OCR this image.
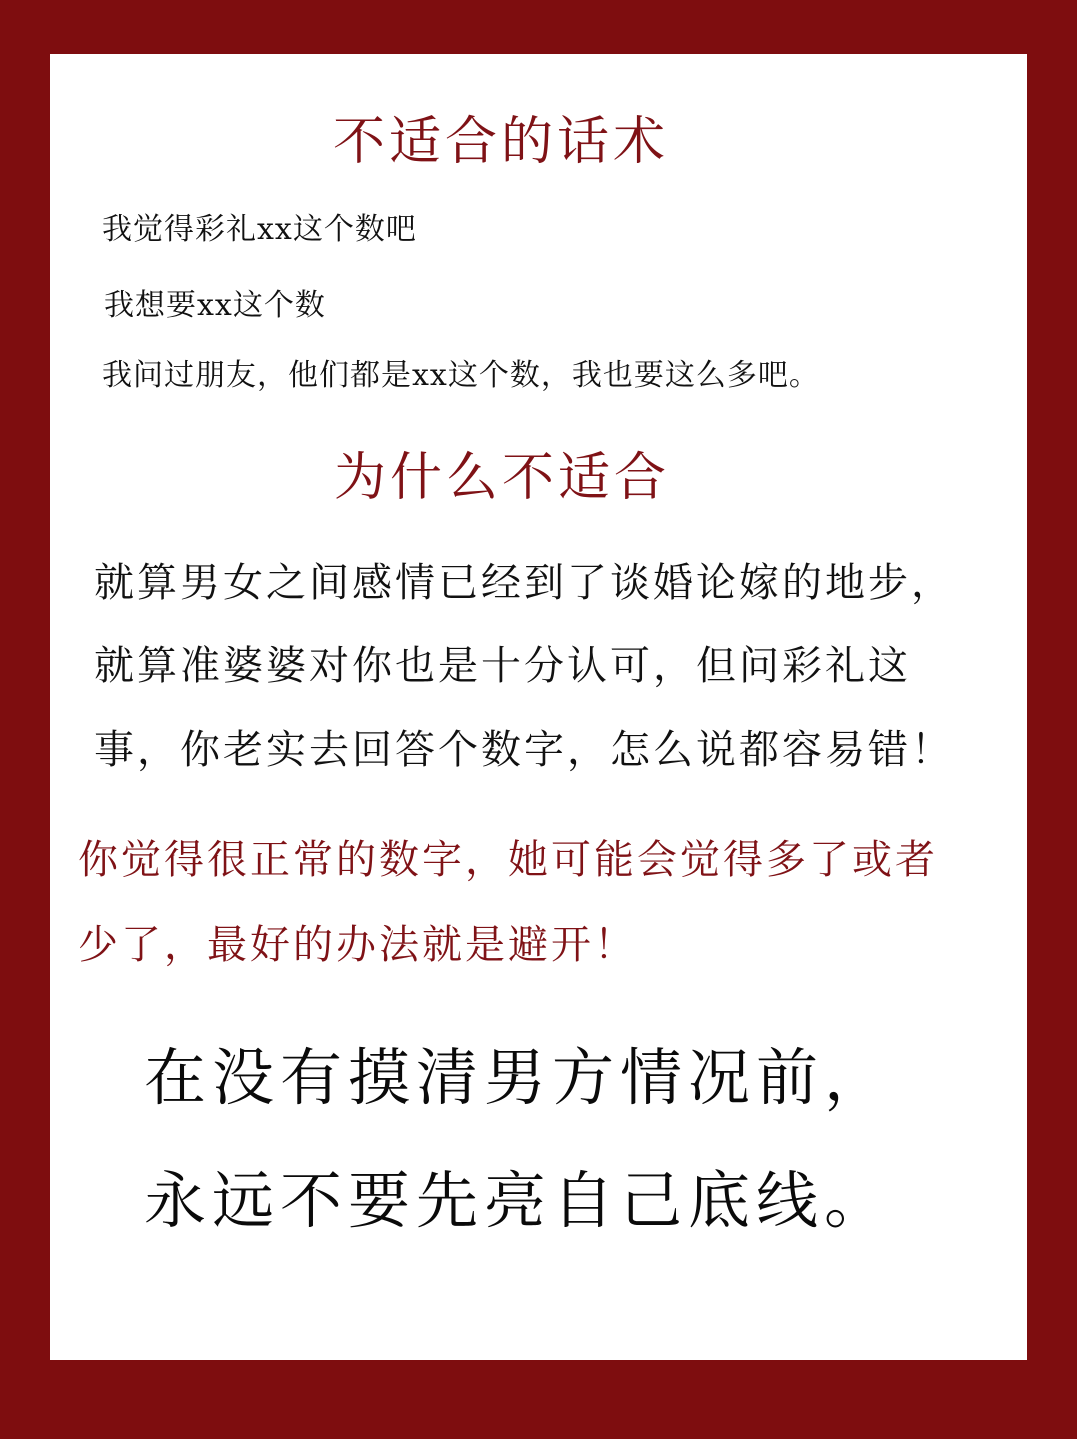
不适合的话术
我觉得彩礼xx这个数吧
我想要xx这个数
我问过朋友，他们都是xx这个数，我也要这么多吧。
为什么不适合
就算男女之间感情已经到了谈婚论嫁的地步，
就算准婆婆对你也是十分认可，但问彩礼这
事，你老实去回答个数字，怎么说都容易错！
你觉得很正常的数字，她可能会觉得多了或者
少了，最好的办法就是避开！
在没有摸清男方情况前，
永远不要先亮自己底线。
